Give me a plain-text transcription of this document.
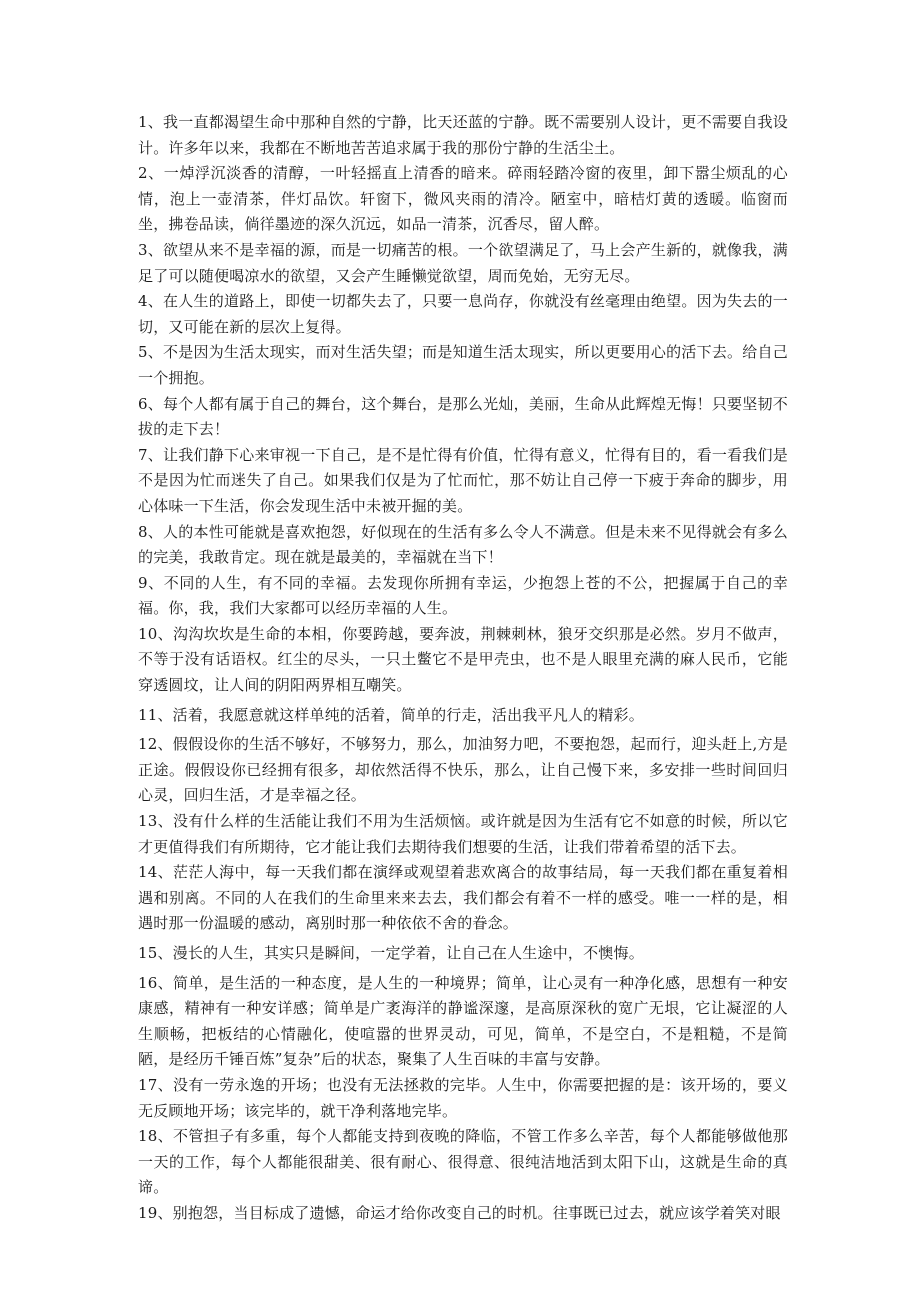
1、我一直都渴望生命中那种自然的宁静，比天还蓝的宁静。既不需要别人设计，更不需要自我设计。许多年以来，我都在不断地苦苦追求属于我的那份宁静的生活尘土。

2、一焯浮沉淡香的清醇，一叶轻摇直上清香的暗来。碎雨轻踏冷窗的夜里，卸下嚣尘烦乱的心情，泡上一壶清茶，伴灯品饮。轩窗下，微风夹雨的清冷。陋室中，暗桔灯黄的透暖。临窗而坐，拂卷品读，倘徉墨迹的深久沉远，如品一清茶，沉香尽，留人醉。

3、欲望从来不是幸福的源，而是一切痛苦的根。一个欲望满足了，马上会产生新的，就像我，满足了可以随便喝凉水的欲望，又会产生睡懒觉欲望，周而免始，无穷无尽。

4、在人生的道路上，即使一切都失去了，只要一息尚存，你就没有丝毫理由绝望。因为失去的一切，又可能在新的层次上复得。

5、不是因为生活太现实，而对生活失望；而是知道生活太现实，所以更要用心的活下去。给自己一个拥抱。

6、每个人都有属于自己的舞台，这个舞台，是那么光灿，美丽，生命从此辉煌无悔！只要坚韧不拔的走下去！

7、让我们静下心来审视一下自己，是不是忙得有价值，忙得有意义，忙得有目的，看一看我们是不是因为忙而迷失了自己。如果我们仅是为了忙而忙，那不妨让自己停一下疲于奔命的脚步，用心体味一下生活，你会发现生活中未被开掘的美。

8、人的本性可能就是喜欢抱怨，好似现在的生活有多么令人不满意。但是未来不见得就会有多么的完美，我敢肯定。现在就是最美的，幸福就在当下！

9、不同的人生，有不同的幸福。去发现你所拥有幸运，少抱怨上苍的不公，把握属于自己的幸福。你，我，我们大家都可以经历幸福的人生。

10、沟沟坎坎是生命的本相，你要跨越，要奔波，荆棘刺林，狼牙交织那是必然。岁月不做声，不等于没有话语权。红尘的尽头，一只土鳖它不是甲壳虫，也不是人眼里充满的麻人民币，它能穿透圆坟，让人间的阴阳两界相互嘲笑。

11、活着，我愿意就这样单纯的活着，简单的行走，活出我平凡人的精彩。

12、假假设你的生活不够好，不够努力，那么，加油努力吧，不要抱怨，起而行，迎头赶上,方是正途。假假设你已经拥有很多，却依然活得不快乐，那么，让自己慢下来，多安排一些时间回归心灵，回归生活，才是幸福之径。

13、没有什么样的生活能让我们不用为生活烦恼。或许就是因为生活有它不如意的时候，所以它才更值得我们有所期待，它才能让我们去期待我们想要的生活，让我们带着希望的活下去。

14、茫茫人海中，每一天我们都在演绎或观望着悲欢离合的故事结局，每一天我们都在重复着相遇和别离。不同的人在我们的生命里来来去去，我们都会有着不一样的感受。唯一一样的是，相遇时那一份温暖的感动，离别时那一种依依不舍的眷念。

15、漫长的人生，其实只是瞬间，一定学着，让自己在人生途中，不懊悔。

16、简单，是生活的一种态度，是人生的一种境界；简单，让心灵有一种净化感，思想有一种安康感，精神有一种安详感；简单是广袤海洋的静谧深邃，是高原深秋的宽广无垠，它让凝涩的人生顺畅，把板结的心情融化，使喧嚣的世界灵动，可见，简单，不是空白，不是粗糙，不是简陋，是经历千锤百炼”复杂”后的状态，聚集了人生百味的丰富与安静。

17、没有一劳永逸的开场；也没有无法拯救的完毕。人生中，你需要把握的是：该开场的，要义无反顾地开场；该完毕的，就干净利落地完毕。

18、不管担子有多重，每个人都能支持到夜晚的降临，不管工作多么辛苦，每个人都能够做他那一天的工作，每个人都能很甜美、很有耐心、很得意、很纯洁地活到太阳下山，这就是生命的真谛。

19、别抱怨，当目标成了遗憾，命运才给你改变自己的时机。往事既已过去，就应该学着笑对眼
